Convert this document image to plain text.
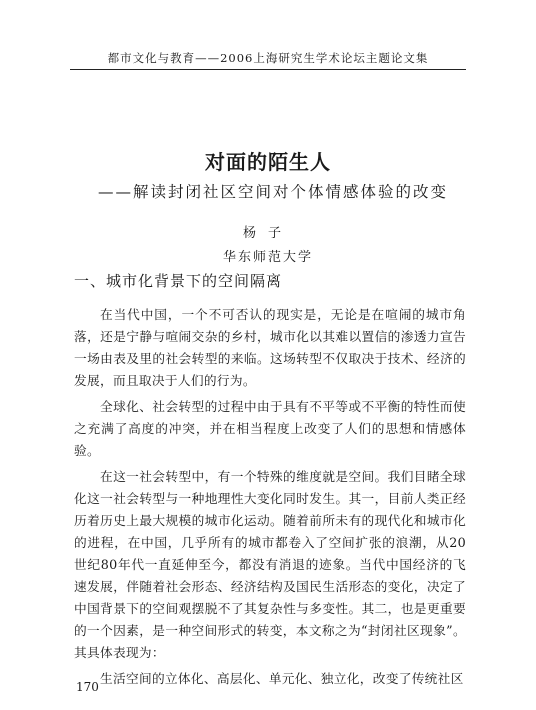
都市文化与教育——2006上海研究生学术论坛主题论文集
对面的陌生人
——解读封闭社区空间对个体情感体验的改变
杨子
华东师范大学
一、城市化背景下的空间隔离

在当代中国，一个不可否认的现实是，无论是在喧闹的城市角落，还是宁静与喧闹交杂的乡村，城市化以其难以置信的渗透力宣告一场由表及里的社会转型的来临。这场转型不仅取决于技术、经济的发展，而且取决于人们的行为。

全球化、社会转型的过程中由于具有不平等或不平衡的特性而使之充满了高度的冲突，并在相当程度上改变了人们的思想和情感体验。

在这一社会转型中，有一个特殊的维度就是空间。我们目睹全球化这一社会转型与一种地理性大变化同时发生。其一，目前人类正经历着历史上最大规模的城市化运动。随着前所未有的现代化和城市化的进程，在中国，几乎所有的城市都卷入了空间扩张的浪潮，从20世纪80年代一直延伸至今，都没有消退的迹象。当代中国经济的飞速发展，伴随着社会形态、经济结构及国民生活形态的变化，决定了中国背景下的空间观摆脱不了其复杂性与多变性。其二，也是更重要的一个因素，是一种空间形式的转变，本文称之为“封闭社区现象”。其具体表现为：

生活空间的立体化、高层化、单元化、独立化，改变了传统社区

170
